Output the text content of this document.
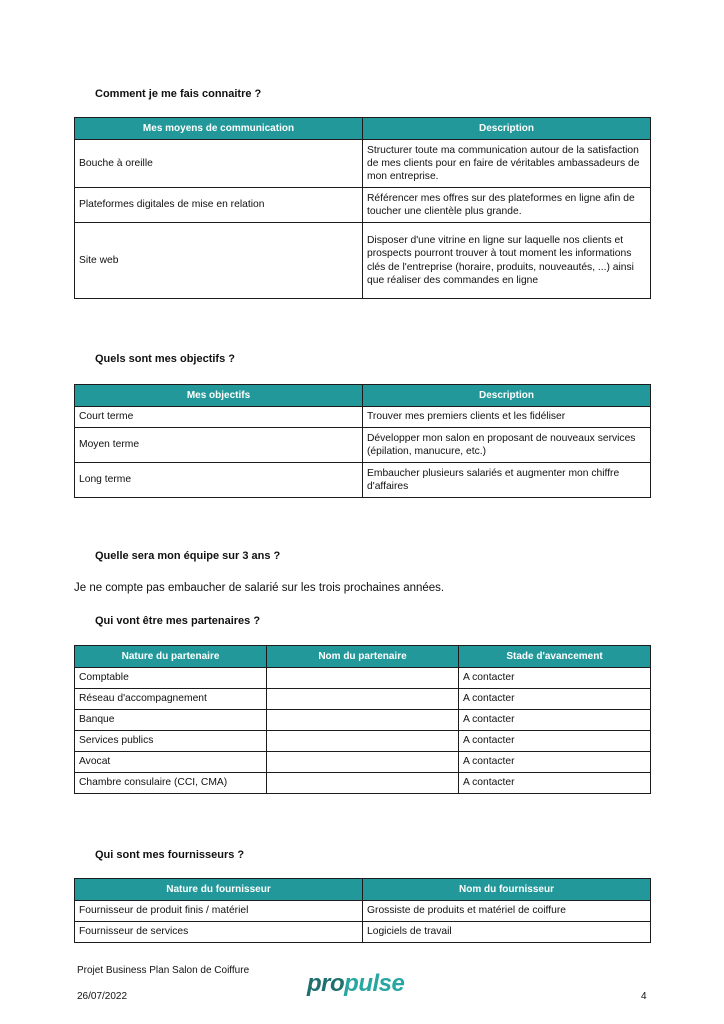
Comment je me fais connaitre ?
Mes moyens de communication	Description
Bouche à oreille	Structurer toute ma communication autour de la satisfaction de mes clients pour en faire de véritables ambassadeurs de mon entreprise.
Plateformes digitales de mise en relation	Référencer mes offres sur des plateformes en ligne afin de toucher une clientèle plus grande.
Site web	Disposer d'une vitrine en ligne sur laquelle nos clients et prospects pourront trouver à tout moment les informations clés de l'entreprise (horaire, produits, nouveautés, ...) ainsi que réaliser des commandes en ligne
Quels sont mes objectifs ?
Mes objectifs	Description
Court terme	Trouver mes premiers clients et les fidéliser
Moyen terme	Développer mon salon en proposant de nouveaux services (épilation, manucure, etc.)
Long terme	Embaucher plusieurs salariés et augmenter mon chiffre d'affaires
Quelle sera mon équipe sur 3 ans ?
Je ne compte pas embaucher de salarié sur les trois prochaines années.
Qui vont être mes partenaires ?
Nature du partenaire	Nom du partenaire	Stade d'avancement
Comptable		A contacter
Réseau d'accompagnement		A contacter
Banque		A contacter
Services publics		A contacter
Avocat		A contacter
Chambre consulaire (CCI, CMA)		A contacter
Qui sont mes fournisseurs ?
Nature du fournisseur	Nom du fournisseur
Fournisseur de produit finis / matériel	Grossiste de produits et matériel de coiffure
Fournisseur de services	Logiciels de travail
Projet Business Plan Salon de Coiffure
26/07/2022	propulse	4
